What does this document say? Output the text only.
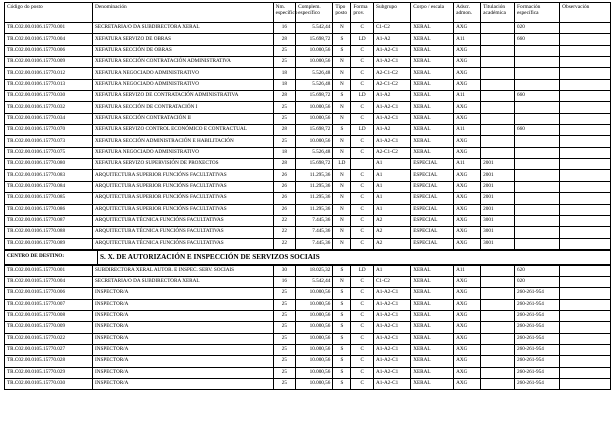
Código do posto	Denominación	Nm. específico	Complem. específico	Tipo posto	Forma prov.	Subgrupo	Corpo / escala	Adscr. admon.	Titulación académica	Formación específica	Observación
TR.C02.00.0106.15770.001	SECRETARIA/O DA SUBDIRECTORA XERAL	16	5.542,44	N	C	C1-C2	XERAL	AXG		020	
TR.C02.00.0106.15770.004	XEFATURA SERVIZO DE OBRAS	28	15.698,72	S	LD	A1-A2	XERAL	A11		660	
TR.C02.00.0106.15770.006	XEFATURA SECCIÓN DE OBRAS	25	10.000,56	S	C	A1-A2-C1	XERAL	AXG			
TR.C02.00.0106.15770.009	XEFATURA SECCIÓN CONTRATACIÓN ADMINISTRATIVA	25	10.000,56	N	C	A1-A2-C1	XERAL	AXG			
TR.C02.00.0106.15770.012	XEFATURA NEGOCIADO ADMINISTRATIVO	18	5.526,48	N	C	A2-C1-C2	XERAL	AXG			
TR.C02.00.0106.15770.013	XEFATURA NEGOCIADO ADMINISTRATIVO	18	5.526,48	N	C	A2-C1-C2	XERAL	AXG			
TR.C02.00.0106.15770.030	XEFATURA SERVIZO DE CONTRATACIÓN ADMINISTRATIVA	28	15.698,72	S	LD	A1-A2	XERAL	A11		660	
TR.C02.00.0106.15770.032	XEFATURA SECCIÓN DE CONTRATACIÓN I	25	10.000,56	N	C	A1-A2-C1	XERAL	AXG			
TR.C02.00.0106.15770.034	XEFATURA SECCIÓN CONTRATACIÓN II	25	10.000,56	N	C	A1-A2-C1	XERAL	AXG			
TR.C02.00.0106.15770.070	XEFATURA SERVIZO CONTROL ECONÓMICO E CONTRACTUAL	28	15.698,72	S	LD	A1-A2	XERAL	A11		660	
TR.C02.00.0106.15770.073	XEFATURA SECCIÓN ADMINISTRACIÓN E HABILITACIÓN	25	10.000,56	N	C	A1-A2-C1	XERAL	AXG			
TR.C02.00.0106.15770.075	XEFATURA NEGOCIADO ADMINISTRATIVO	18	5.526,48	N	C	A2-C1-C2	XERAL	AXG			
TR.C02.00.0106.15770.080	XEFATURA SERVIZO SUPERVISIÓN DE PROXECTOS	28	15.698,72	LD		A1	ESPECIAL	A11	2001		
TR.C02.00.0106.15770.083	ARQUITECTURA SUPERIOR FUNCIÓNS FACULTATIVAS	26	11.295,36	N	C	A1	ESPECIAL	AXG	2001		
TR.C02.00.0106.15770.084	ARQUITECTURA SUPERIOR FUNCIÓNS FACULTATIVAS	26	11.295,36	N	C	A1	ESPECIAL	AXG	2001		
TR.C02.00.0106.15770.085	ARQUITECTURA SUPERIOR FUNCIÓNS FACULTATIVAS	26	11.295,36	N	C	A1	ESPECIAL	AXG	2001		
TR.C02.00.0106.15770.086	ARQUITECTURA SUPERIOR FUNCIÓNS FACULTATIVAS	26	11.295,36	N	C	A1	ESPECIAL	AXG	2001		
TR.C02.00.0106.15770.087	ARQUITECTURA TÉCNICA FUNCIÓNS FACULTATIVAS	22	7.445,36	N	C	A2	ESPECIAL	AXG	3001		
TR.C02.00.0106.15770.088	ARQUITECTURA TÉCNICA FUNCIÓNS FACULTATIVAS	22	7.445,36	N	C	A2	ESPECIAL	AXG	3001		
TR.C02.00.0106.15770.089	ARQUITECTURA TÉCNICA FUNCIÓNS FACULTATIVAS	22	7.445,36	N	C	A2	ESPECIAL	AXG	3001		
CENTRO DE DESTINO:	S. X. DE AUTORIZACIÓN E INSPECCIÓN DE SERVIZOS SOCIAIS
TR.C02.00.0105.15770.001	SUBDIRECTORA XERAL AUTOR. E INSPEC. SERV. SOCIAIS	30	18.025,32	S	LD	A1	XERAL	A11		620	
TR.C02.00.0105.15770.004	SECRETARIA/O DA SUBDIRECTORA XERAL	16	5.542,44	N	C	C1-C2	XERAL	AXG		020	
TR.C02.00.0105.15770.006	INSPECTOR/A	25	10.000,56	S	C	A1-A2-C1	XERAL	AXG		260-261-954	
TR.C02.00.0105.15770.007	INSPECTOR/A	25	10.000,56	S	C	A1-A2-C1	XERAL	AXG		260-261-954	
TR.C02.00.0105.15770.008	INSPECTOR/A	25	10.000,56	S	C	A1-A2-C1	XERAL	AXG		260-261-954	
TR.C02.00.0105.15770.009	INSPECTOR/A	25	10.000,56	S	C	A1-A2-C1	XERAL	AXG		260-261-954	
TR.C02.00.0105.15770.022	INSPECTOR/A	25	10.000,56	S	C	A1-A2-C1	XERAL	AXG		260-261-954	
TR.C02.00.0105.15770.027	INSPECTOR/A	25	10.000,56	S	C	A1-A2-C1	XERAL	AXG		260-261-954	
TR.C02.00.0105.15770.028	INSPECTOR/A	25	10.000,56	S	C	A1-A2-C1	XERAL	AXG		260-261-954	
TR.C02.00.0105.15770.029	INSPECTOR/A	25	10.000,56	S	C	A1-A2-C1	XERAL	AXG		260-261-954	
TR.C02.00.0105.15770.030	INSPECTOR/A	25	10.000,56	S	C	A1-A2-C1	XERAL	AXG		260-261-954	
